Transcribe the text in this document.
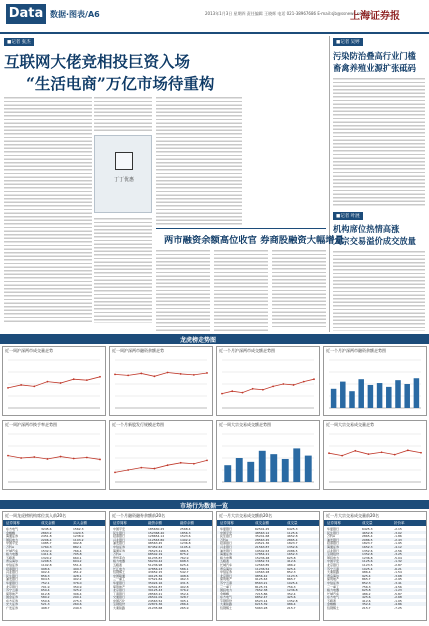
Data 数据·图表/A6	2013年1月3日 星期四 责任编辑 王晓辉 电话 021-38967686 E-mail:sjb@ssnews.com.cn
上海证券报
■记者 张杰
互联网大佬竞相投巨资入场
“生活电商”万亿市场待重构
丁丁优惠
两市融资余额高位收官 券商股融资大幅增量
■记者 吴婷
污染防治叠高行业门槛
畜禽养殖业源扩张砥码
■记者 叶展
机构席位热情高涨
大宗交易溢价成交放量
龙虎榜走势图
近一周沪深两市成交量走势	近一周沪深两市融资余额走势	近一个月沪深两市成交额走势图	近一个月沪深两市融资余额走势图
近一周沪深两市换手率走势图	近一个月新股发行规模走势图	近一周大宗交易成交额走势图	近一周大宗交易成交量走势
市场行为数据一览
近一周龙虎榜机构席位卖入前20名
证券简称	成交金额	买入金额
东方电气	3245.6	1562.3
金螳螂	2863.2	1420.5
海通证券	2451.8	1238.9
国投电力	2206.4	1103.2
中国平安	1985.7	992.8
万科A	1764.3	882.1
长城汽车	1532.9	766.4
格力电器	1411.6	705.8
五粮液	1320.2	660.1
青岛海尔	1208.5	604.2
中信证券	1102.8	551.4
招商银行	998.6	499.3
兴业银行	902.4	451.2
民生银行	856.3	428.1
浦发银行	804.5	402.2
华夏银行	752.1	376.0
北京银行	701.9	350.9
苏宁云商	650.4	325.2
保利地产	612.8	306.4
国金证券	580.2	290.1
东方证券	550.6	275.3
光大证券	521.3	260.6
广发证券	498.7	249.3
近一个月融资融券余额前20名
证券简称	融资余额	融券余额
中国平安	185630.25	2568.4
民生银行	152368.40	1856.3
招商银行	128654.12	1523.6
兴业银行	112563.80	1402.2
浦发银行	98563.45	1236.8
中信证券	87452.63	1105.4
海通证券	76523.41	986.5
万科A	68542.19	875.2
贵州茅台	61235.87	762.9
格力电器	56230.42	698.3
五粮液	51236.98	625.4
长江电力	47856.23	586.1
包钢稀土	43652.15	542.7
中国联通	40125.36	498.6
三一重工	37521.84	462.3
华夏银行	35024.16	431.5
保利地产	32541.87	402.8
北京银行	30125.43	376.2
工商银行	28563.21	352.4
交通银行	26541.09	328.7
中国石化	24563.52	305.1
宝钢股份	22874.36	286.4
大秦铁路	21235.68	265.9
近一月大宗交易成交额前20名
证券简称	成交金额	成交量
华夏银行	62541.25	6425.3
中国平安	48563.12	1125.6
民生银行	35241.68	4652.8
万科A	28563.45	2865.4
招商银行	24521.36	1823.7
兴业银行	21563.87	1352.6
浦发银行	19542.63	2086.5
海通证券	17854.21	1652.3
格力电器	15236.48	625.8
五粮液	13652.74	412.6
长城汽车	12563.85	486.2
青岛海尔	11236.54	925.4
中信证券	10563.28	852.3
北京银行	9856.42	1123.5
保利地产	9125.63	865.7
苏宁云商	8563.21	1025.4
三一重工	8125.74	756.3
国投电力	7652.38	1236.8
金螳螂	7215.86	352.4
东方电气	6852.47	425.6
宝钢股份	6523.14	1352.8
大秦铁路	6215.39	986.4
包钢稀土	5963.28	215.7
近一月大宗交易成交量前20名
证券简称	成交量	折价率
华夏银行	6425.3	-2.15
民生银行	4652.8	-3.02
万科A	2865.4	-1.86
浦发银行	2086.5	-2.43
招商银行	1823.7	-1.95
海通证券	1652.3	-4.12
兴业银行	1352.6	-2.56
宝钢股份	1352.8	-3.25
国投电力	1236.8	-5.04
中国平安	1125.6	-1.32
北京银行	1123.5	-2.87
苏宁云商	1025.4	-6.21
大秦铁路	986.4	-1.54
青岛海尔	925.4	-3.68
保利地产	865.7	-2.95
中信证券	852.3	-3.41
三一重工	756.3	-4.56
格力电器	625.8	-1.23
长城汽车	486.2	-5.87
东方电气	425.6	-2.68
五粮液	412.6	-1.05
金螳螂	352.4	-4.86
包钢稀土	215.7	-7.25
